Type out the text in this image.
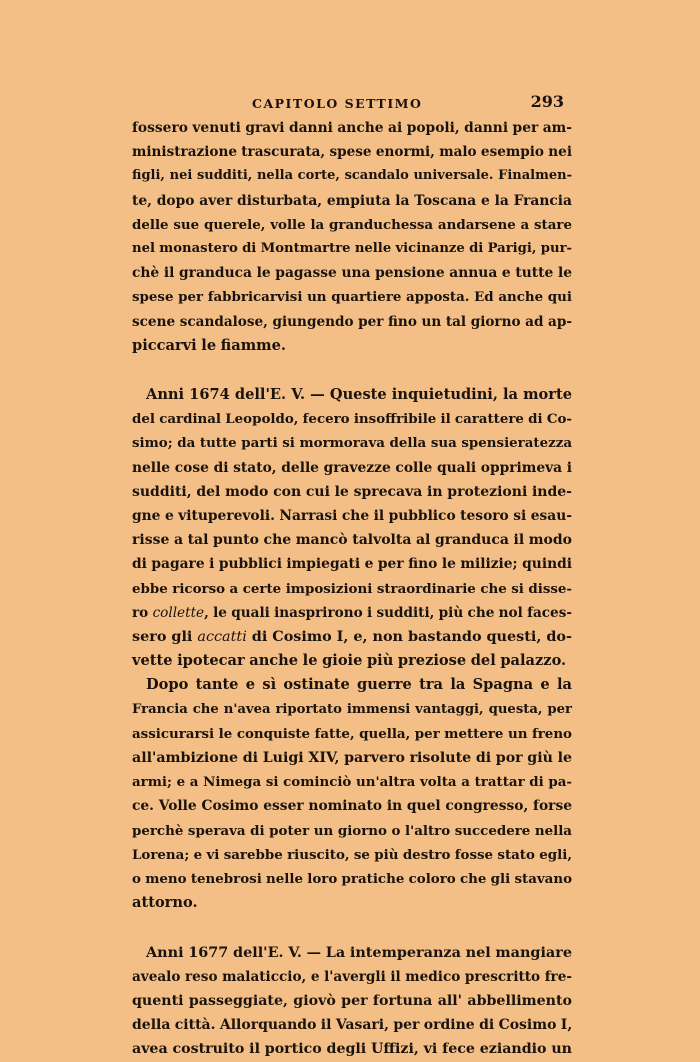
CAPITOLO SETTIMO	293

fossero venuti gravi danni anche ai popoli, danni per am-
ministrazione trascurata, spese enormi, malo esempio nei
figli, nei sudditi, nella corte, scandalo universale. Finalmen-
te, dopo aver disturbata, empiuta la Toscana e la Francia
delle sue querele, volle la granduchessa andarsene a stare
nel monastero di Montmartre nelle vicinanze di Parigi, pur-
chè il granduca le pagasse una pensione annua e tutte le
spese per fabbricarvisi un quartiere apposta. Ed anche qui
scene scandalose, giungendo per fino un tal giorno ad ap-
piccarvi le fiamme.

Anni 1674 dell'E. V. — Queste inquietudini, la morte
del cardinal Leopoldo, fecero insoffribile il carattere di Co-
simo; da tutte parti si mormorava della sua spensieratezza
nelle cose di stato, delle gravezze colle quali opprimeva i
sudditi, del modo con cui le sprecava in protezioni inde-
gne e vituperevoli. Narrasi che il pubblico tesoro si esau-
risse a tal punto che mancò talvolta al granduca il modo
di pagare i pubblici impiegati e per fino le milizie; quindi
ebbe ricorso a certe imposizioni straordinarie che si disse-
ro collette, le quali inasprirono i sudditi, più che nol faces-
sero gli accatti di Cosimo I, e, non bastando questi, do-
vette ipotecar anche le gioie più preziose del palazzo.

Dopo tante e sì ostinate guerre tra la Spagna e la
Francia che n'avea riportato immensi vantaggi, questa, per
assicurarsi le conquiste fatte, quella, per mettere un freno
all'ambizione di Luigi XIV, parvero risolute di por giù le
armi; e a Nimega si cominciò un'altra volta a trattar di pa-
ce. Volle Cosimo esser nominato in quel congresso, forse
perchè sperava di poter un giorno o l'altro succedere nella
Lorena; e vi sarebbe riuscito, se più destro fosse stato egli,
o meno tenebrosi nelle loro pratiche coloro che gli stavano
attorno.

Anni 1677 dell'E. V. — La intemperanza nel mangiare
avealo reso malaticcio, e l'avergli il medico prescritto fre-
quenti passeggiate, giovò per fortuna all' abbellimento
della città. Allorquando il Vasari, per ordine di Cosimo I,
avea costruito il portico degli Uffizi, vi fece eziandio un
